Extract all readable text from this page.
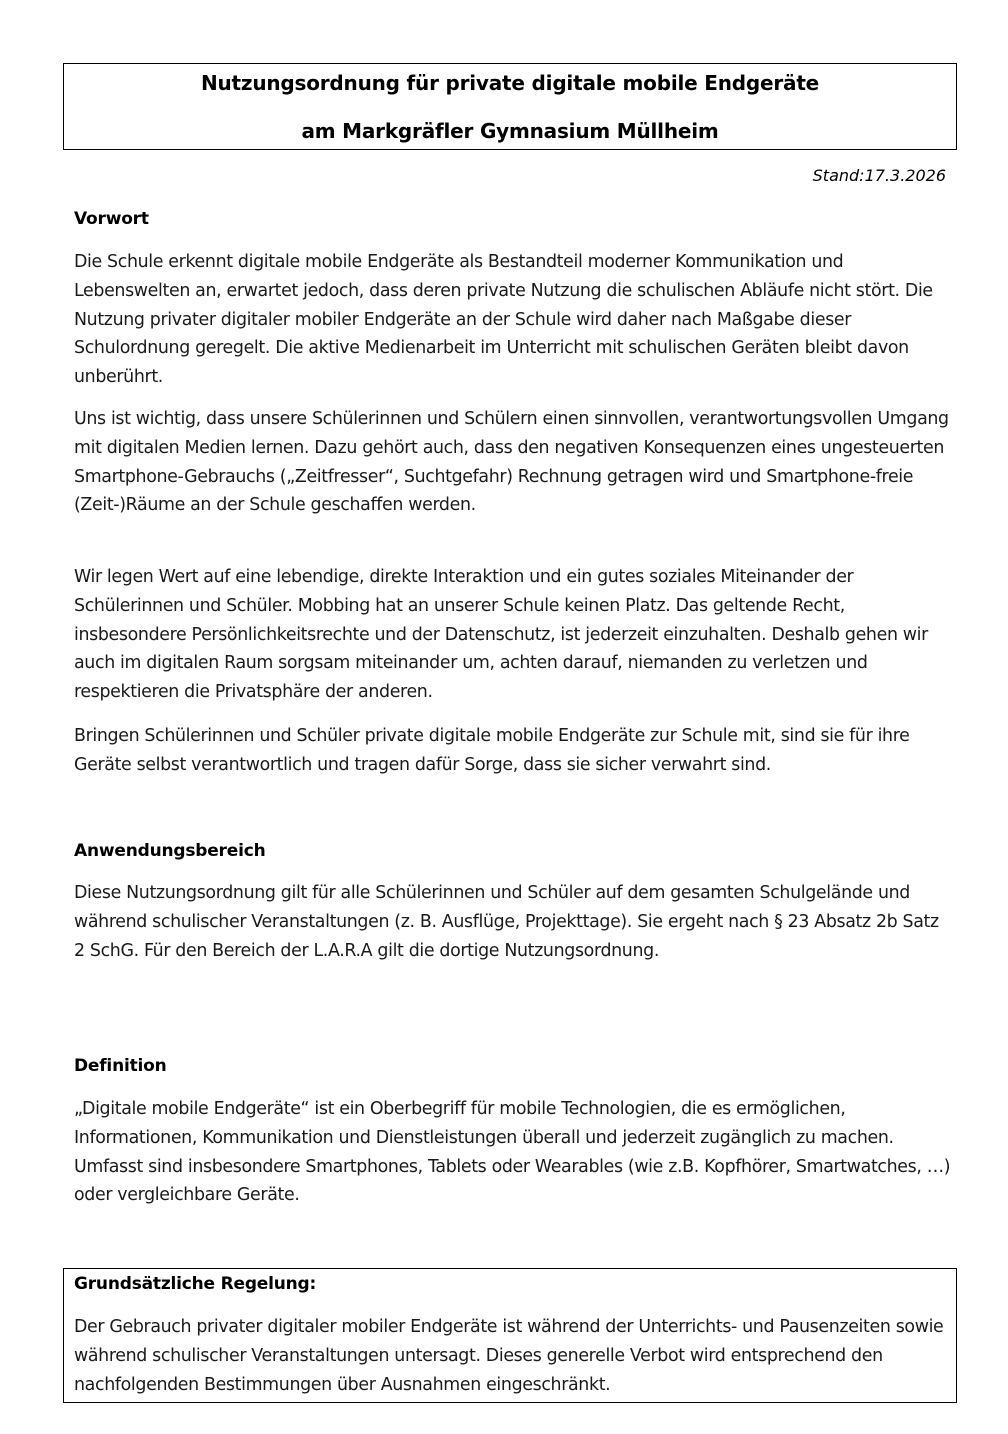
Nutzungsordnung für private digitale mobile Endgeräte
am Markgräfler Gymnasium Müllheim
Stand:17.3.2026
Vorwort

Die Schule erkennt digitale mobile Endgeräte als Bestandteil moderner Kommunikation und Lebenswelten an, erwartet jedoch, dass deren private Nutzung die schulischen Abläufe nicht stört. Die Nutzung privater digitaler mobiler Endgeräte an der Schule wird daher nach Maßgabe dieser Schulordnung geregelt. Die aktive Medienarbeit im Unterricht mit schulischen Geräten bleibt davon unberührt.

Uns ist wichtig, dass unsere Schülerinnen und Schülern einen sinnvollen, verantwortungsvollen Umgang mit digitalen Medien lernen. Dazu gehört auch, dass den negativen Konsequenzen eines ungesteuerten Smartphone-Gebrauchs („Zeitfresser“, Suchtgefahr) Rechnung getragen wird und Smartphone-freie (Zeit-)Räume an der Schule geschaffen werden.

Wir legen Wert auf eine lebendige, direkte Interaktion und ein gutes soziales Miteinander der Schülerinnen und Schüler. Mobbing hat an unserer Schule keinen Platz. Das geltende Recht, insbesondere Persönlichkeitsrechte und der Datenschutz, ist jederzeit einzuhalten. Deshalb gehen wir auch im digitalen Raum sorgsam miteinander um, achten darauf, niemanden zu verletzen und respektieren die Privatsphäre der anderen.

Bringen Schülerinnen und Schüler private digitale mobile Endgeräte zur Schule mit, sind sie für ihre Geräte selbst verantwortlich und tragen dafür Sorge, dass sie sicher verwahrt sind.

Anwendungsbereich

Diese Nutzungsordnung gilt für alle Schülerinnen und Schüler auf dem gesamten Schulgelände und während schulischer Veranstaltungen (z. B. Ausflüge, Projekttage). Sie ergeht nach § 23 Absatz 2b Satz 2 SchG. Für den Bereich der L.A.R.A gilt die dortige Nutzungsordnung.

Definition

„Digitale mobile Endgeräte“ ist ein Oberbegriff für mobile Technologien, die es ermöglichen, Informationen, Kommunikation und Dienstleistungen überall und jederzeit zugänglich zu machen. Umfasst sind insbesondere Smartphones, Tablets oder Wearables (wie z.B. Kopfhörer, Smartwatches, …) oder vergleichbare Geräte.

Grundsätzliche Regelung:

Der Gebrauch privater digitaler mobiler Endgeräte ist während der Unterrichts- und Pausenzeiten sowie während schulischer Veranstaltungen untersagt. Dieses generelle Verbot wird entsprechend den nachfolgenden Bestimmungen über Ausnahmen eingeschränkt.
